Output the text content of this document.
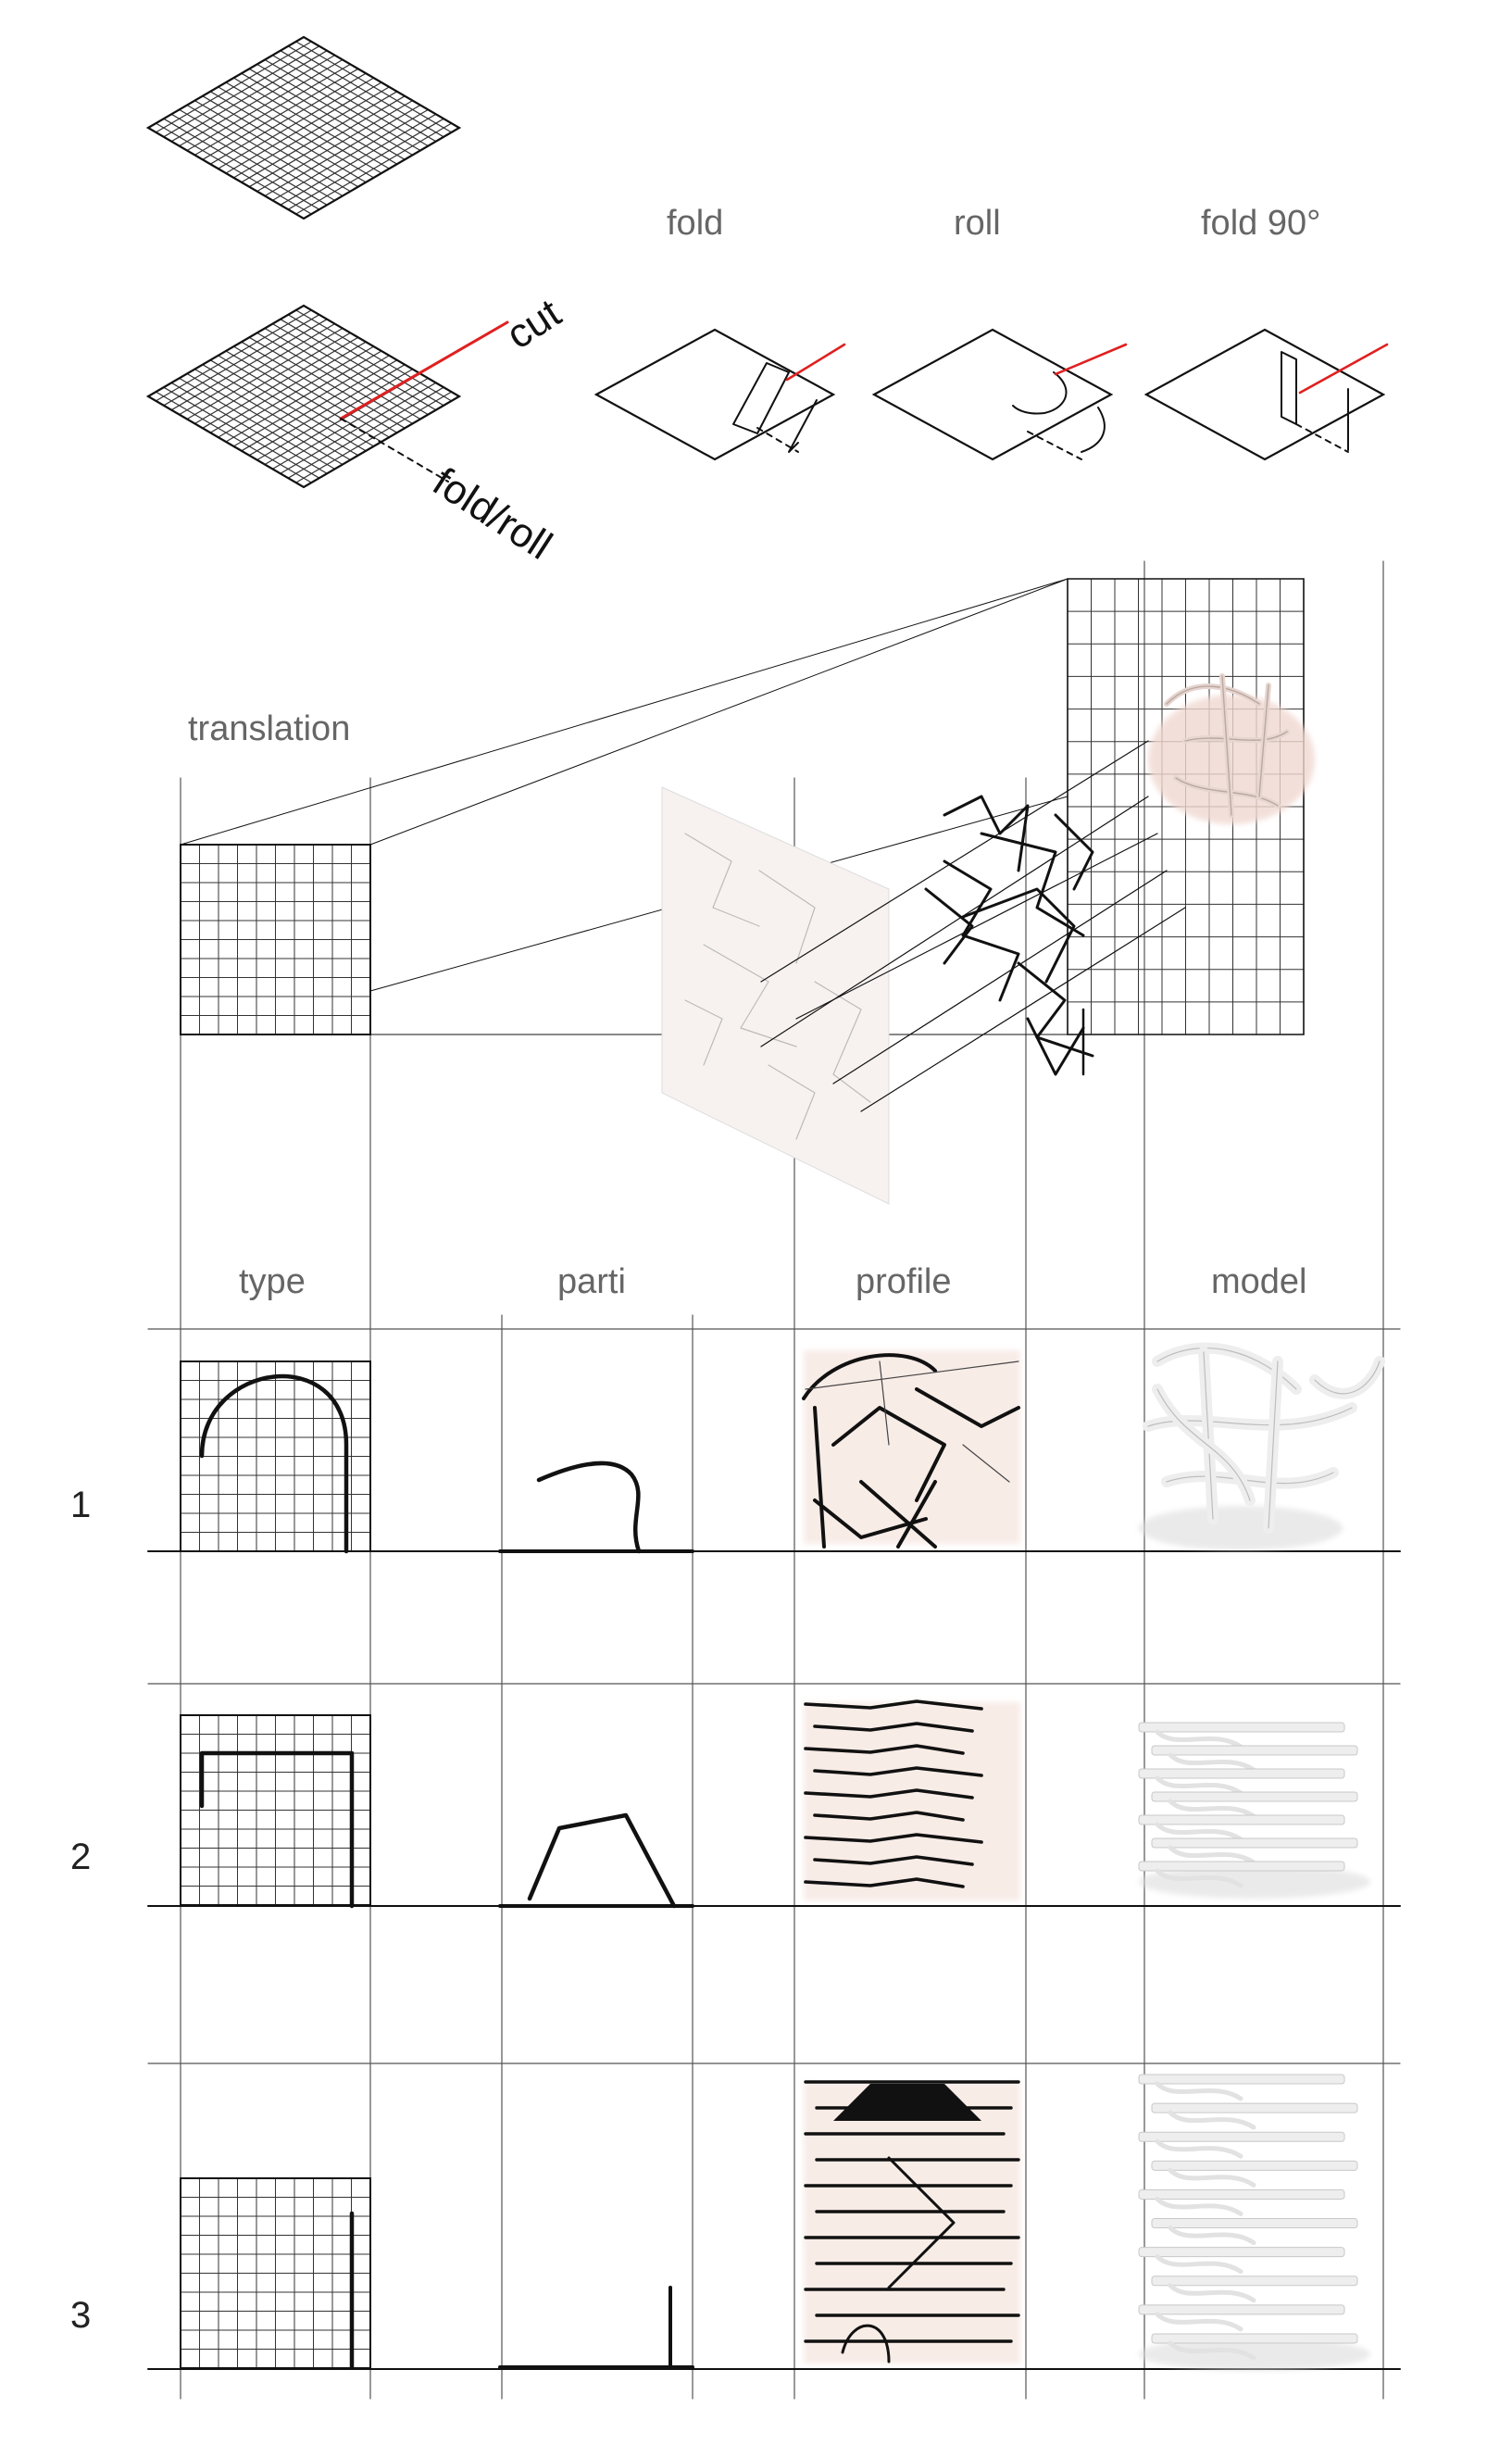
cut
fold/roll
fold	roll	fold 90°
translation
type	parti	profile	model
1
2
3
